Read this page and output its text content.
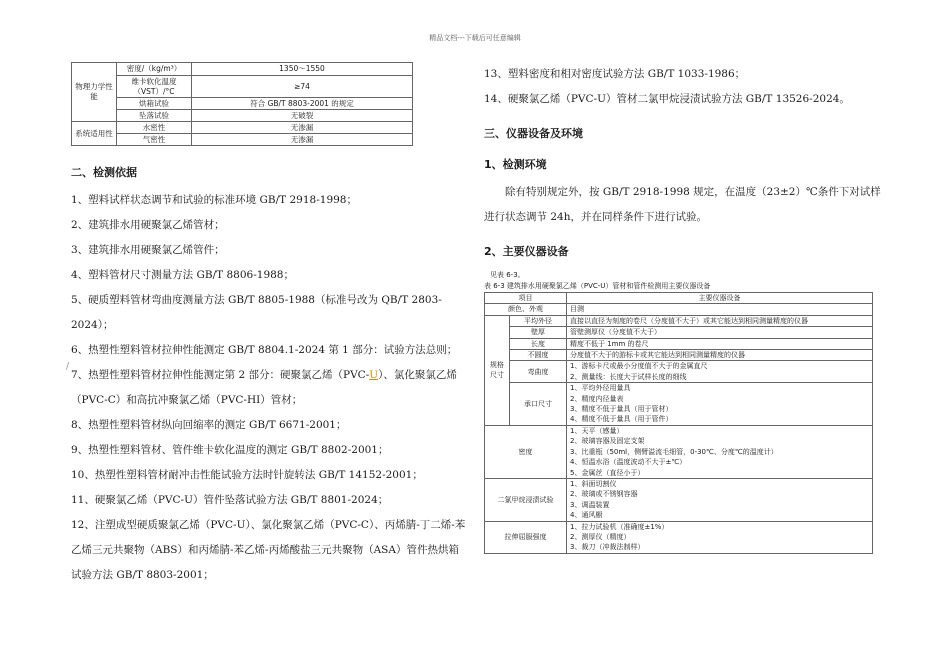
精品文档---下载后可任意编辑
物理力学性能	密度/（kg/m³）	1350～1550
	维卡软化温度（VST）/°C	≥74
	烘箱试验	符合 GB/T 8803-2001 的规定
	坠落试验	无破裂
系统适用性	水密性	无渗漏
	气密性	无渗漏
二、检测依据

1、塑料试样状态调节和试验的标准环境 GB/T 2918-1998；

2、建筑排水用硬聚氯乙烯管材；

3、建筑排水用硬聚氯乙烯管件；

4、塑料管材尺寸测量方法 GB/T 8806-1988；

5、硬质塑料管材弯曲度测量方法 GB/T 8805-1988（标准号改为 QB/T 2803-2024）；

6、热塑性塑料管材拉伸性能测定 GB/T 8804.1-2024 第 1 部分：试验方法总则；

7、热塑性塑料管材拉伸性能测定第 2 部分：硬聚氯乙烯（PVC-U）、氯化聚氯乙烯（PVC-C）和高抗冲聚氯乙烯（PVC-HI）管材；

8、热塑性塑料管材纵向回缩率的测定 GB/T 6671-2001；

9、热塑性塑料管材、管件维卡软化温度的测定 GB/T 8802-2001；

10、热塑性塑料管材耐冲击性能试验方法时针旋转法 GB/T 14152-2001；

11、硬聚氯乙烯（PVC-U）管件坠落试验方法 GB/T 8801-2024；

12、注塑成型硬质聚氯乙烯（PVC-U）、氯化聚氯乙烯（PVC-C）、丙烯腈-丁二烯-苯乙烯三元共聚物（ABS）和丙烯腈-苯乙烯-丙烯酸盐三元共聚物（ASA）管件热烘箱试验方法 GB/T 8803-2001；

/

13、塑料密度和相对密度试验方法 GB/T 1033-1986；

14、硬聚氯乙烯（PVC-U）管材二氯甲烷浸渍试验方法 GB/T 13526-2024。

三、仪器设备及环境
1、检测环境
除有特别规定外，按 GB/T 2918-1998 规定，在温度（23±2）℃条件下对试样进行状态调节 24h，并在同样条件下进行试验。
2、主要仪器设备
见表 6-3。
表 6-3 建筑排水用硬聚氯乙烯（PVC-U）管材和管件检测用主要仪器设备
项目		主要仪器设备
颜色、外观		目测
规格尺寸	平均外径	直接以直径为刻度的卷尺（分度值不大于）或其它能达到相同测量精度的仪器
	壁厚	管壁测厚仪（分度值不大于）
	长度	精度不低于 1mm 的卷尺
	不圆度	分度值不大于的游标卡或其它能达到相同测量精度的仪器
	弯曲度	1、游标卡尺或最小分度值不大于的金属直尺
2、测量线：长度大于试样长度的细线

	承口尺寸	1、平均外径用量具
2、精度内径量表
3、精度不低于量具（用于管材）
4、精度不低于量具（用于管件）

密度		1、天平（感量）
2、玻璃容器及固定支架
3、比重瓶（50ml，侧臂溢流毛细管，0-30℃、分度℃的温度计）
4、恒温水浴（温度波动不大于±℃）
5、金属丝（直径小于）

二氯甲烷浸渍试验		1、斜面切割仪
2、玻璃或不锈钢容器
3、调温装置
4、通风橱

拉伸屈服强度		1、拉力试验机（准确度±1%）
2、测厚仪（精度）
3、裁刀（冲裁法制样）
